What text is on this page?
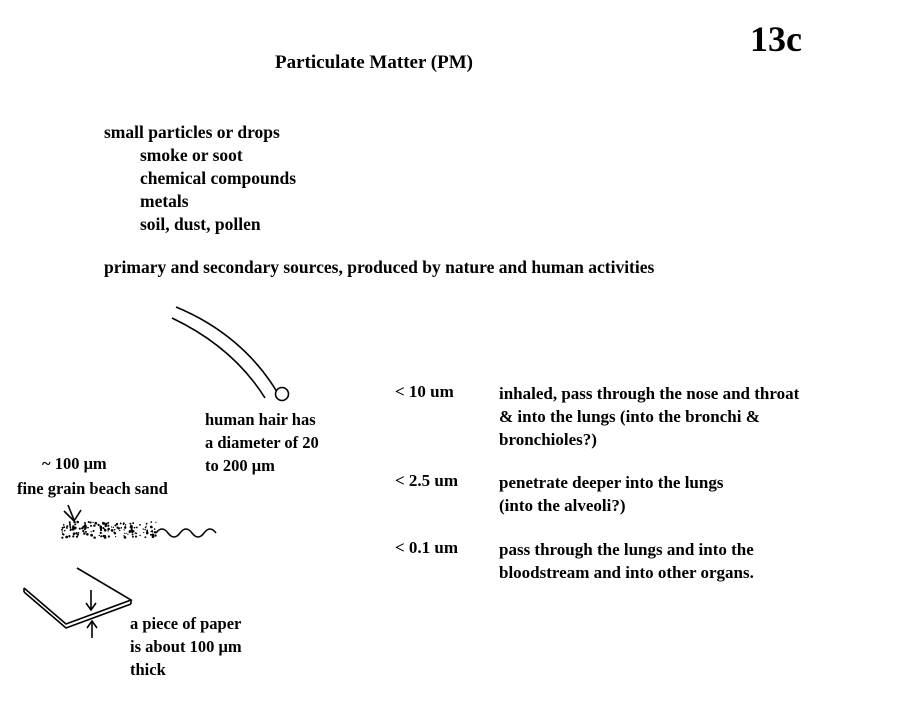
13c
Particulate Matter (PM)
small particles or drops
smoke or soot
chemical compounds
metals
soil, dust, pollen
primary and secondary sources, produced by nature and human activities
human hair has
a diameter of 20
to 200 μm
~ 100 μm
fine grain beach sand
a piece of paper
is about 100 μm
thick
< 10 um	inhaled, pass through the nose and throat
& into the lungs (into the bronchi &
bronchioles?)
< 2.5 um penetrate deeper into the lungs
(into the alveoli?)
< 0.1 um pass through the lungs and into the
bloodstream and into other organs.
